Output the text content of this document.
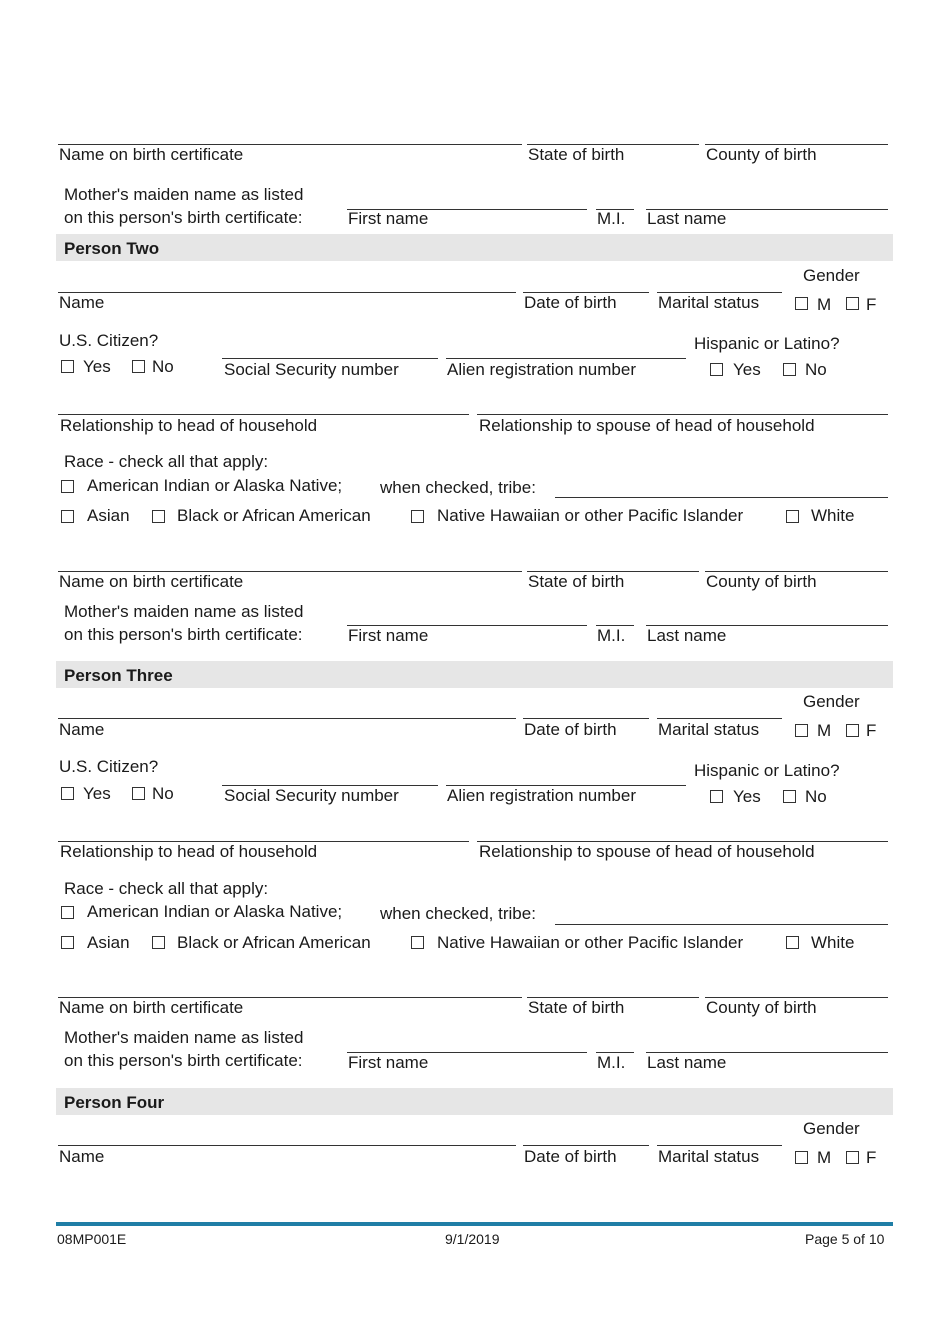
Name on birth certificate	State of birth	County of birth
Mother's maiden name as listed
on this person's birth certificate:	First name	M.I. Last name
Person Two
Gender
Name	Date of birth Marital status	M F
U.S. Citizen?	Hispanic or Latino?
Yes No	Social Security number	Alien registration number	Yes	No
Relationship to head of household	Relationship to spouse of head of household
Race - check all that apply:
American Indian or Alaska Native; when checked, tribe:
Asian	Black or African American	Native Hawaiian or other Pacific Islander	White
Name on birth certificate	State of birth	County of birth
Mother's maiden name as listed
on this person's birth certificate:	First name	M.I. Last name
Person Three
Gender
Name	Date of birth Marital status	M F
U.S. Citizen?	Hispanic or Latino?
Yes No	Social Security number	Alien registration number	Yes	No
Relationship to head of household	Relationship to spouse of head of household
Race - check all that apply:
American Indian or Alaska Native; when checked, tribe:
Asian	Black or African American	Native Hawaiian or other Pacific Islander	White
Name on birth certificate	State of birth	County of birth
Mother's maiden name as listed
on this person's birth certificate:	First name	M.I. Last name
Person Four
Gender
Name	Date of birth Marital status	M F
08MP001E	9/1/2019	Page 5 of 10
